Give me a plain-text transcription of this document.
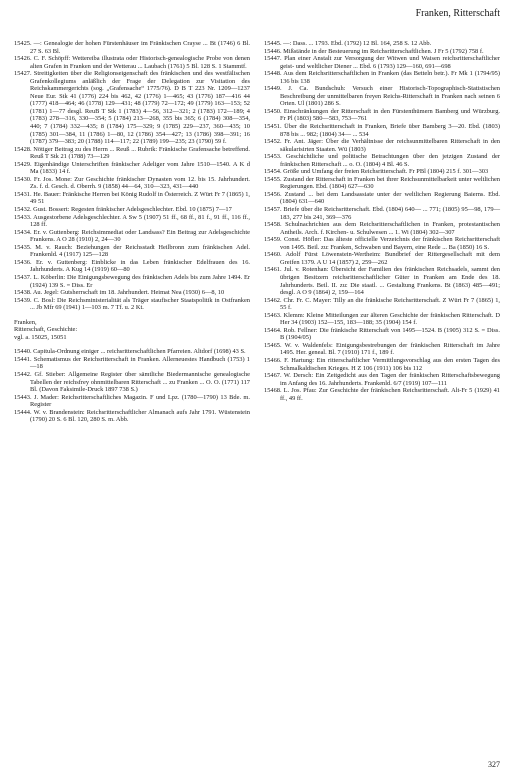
Franken, Ritterschaft

15425. —: Genealogie der hohen Fürstenhäuser im Fränkischen Crayse ... Bt (1746) 6 Bl. 27 S. 63 Bl.

15426. C. F. Schöpff: Wettereiba illustrata oder Historisch-genealogische Probe von denen alten Grafen in Franken und der Wetterau ... Laubach (1761) 5 Bl. 128 S. 1 Stammtf.

15427. Streitigkeiten über die Religionseigenschaft des fränkischen und des westfälischen Grafenkollegiums anläßlich der Frage der Delegation zur Visitation des Reichskammergerichts (sog. „Grafensache“ 1775/76). D B T 223 Nr. 1209—1237 Neue Eur. Stk 41 (1776) 224 bis 462, 42 (1776) 1—465; 43 (1776) 187—416 44 (1777) 418—464; 46 (1778) 129—431; 48 (1779) 72—172; 49 (1779) 163—153; 52 (1781) 1—77 desgl. ReuB T Stk 1 (1783) 4—56, 312—321; 2 (1783) 172—189; 4 (1783) 278—316, 330—354; 5 (1784) 213—268, 355 bis 365; 6 (1784) 308—354, 440; 7 (1784) 332—435; 8 (1784) 175—329; 9 (1785) 229—237, 360—435; 10 (1785) 301—384, 11 (1786) 1—80, 12 (1786) 354—427; 13 (1786) 398—391; 16 (1787) 379—383; 20 (1788) 114—117; 22 (1789) 199—235; 23 (1790) 59 f.

15428. Nötiger Beitrag zu des Herrn ... Reuß ... Rubrik: Fränkische Grafensache betreffend. Reuß T Stk 21 (1788) 73—129

15429. Eigenhändige Unterschriften fränkischer Adeliger vom Jahre 1510—1540. A K d Ma (1833) 14 f.

15430. Fr. Jos. Mone: Zur Geschichte fränkischer Dynasten vom 12. bis 15. Jahrhundert. Zs. f. d. Gesch. d. Oberrh. 9 (1858) 44—64, 310—323, 431—440

15431. He. Bauer: Fränkische Herren bei König Rudolf in Österreich. Z Würt Fr 7 (1865) 1, 49 51

15432. Gust. Bossert: Regesten fränkischer Adelsgeschlechter. Ebd. 10 (1875) 7—17

15433. Ausgestorbene Adelsgeschlechter. A Sw 5 (1907) 51 ff., 68 ff., 81 f., 91 ff., 116 ff., 128 ff.

15434. Er. v. Guttenberg: Reichsimmediat oder Landsass? Ein Beitrag zur Adelsgeschichte Frankens. A O 28 (1910) 2, 24—30

15435. M. v. Rauch: Beziehungen der Reichsstadt Heilbronn zum fränkischen Adel. Frankenld. 4 (1917) 125—128

15436. Er. v. Guttenberg: Einblicke in das Leben fränkischer Edelfrauen des 16. Jahrhunderts. A Kug 14 (1919) 60—80

15437. L. Köberlin: Die Einigungsbewegung des fränkischen Adels bis zum Jahre 1494. Er (1924) 139 S. = Diss. Er

15438. Au. Jegel: Gutsherrschaft im 18. Jahrhundert. Heimat Nea (1930) 6—8, 10

15439. C. Bosl: Die Reichsministerialität als Träger staufischer Staatspolitik in Ostfranken ... Jb Mfr 69 (1941) 1—103 m. 7 Tf. u. 2 Kt.

Franken,

Ritterschaft, Geschichte:

vgl. a. 15025, 15051

15440. Capitula-Ordnung einiger ... reichsritterschaftlichen Pfarreien. Altdorf (1698) 43 S.

15441. Schematismus der Reichsritterschaft in Franken. Allerneuestes Handbuch (1753) 1—18

15442. Gf. Stieber: Allgemeine Register über sämtliche Biedermannische genealogische Tabellen der reichsfrey ohnmittelbaren Ritterschaft ... zu Franken ... O. O. (1771) 117 Bl. (Davon Faksimile-Druck 1897 738 S.)

15443. J. Mader: Reichsritterschaftliches Magazin. F und Lpz. (1780—1790) 13 Bde. m. Register

15444. W. v. Brandenstein: Reichsritterschaftlicher Almanach aufs Jahr 1791. Wüstenstein (1790) 20 S. 6 Bl. 120, 280 S. m. Abb.

15445. —: Dass. ... 1793. Ebd. (1792) 12 Bl. 164, 258 S. 12 Abb.

15446. Mißstände in der Besteuerung im Reichsritterschaftlichen. J Fr 5 (1792) 758 f.

15447. Plan einer Anstalt zur Versorgung der Witwen und Waisen reichsritterschaftlicher geist- und weltlicher Diener ... Ebd. 6 (1793) 129—160, 691—698

15448. Aus dem Reichsritterschaftlichen in Franken (das Betteln betr.). Fr Mk 1 (1794/95) 136 bis 138

15449. J. Ca. Bundschuh: Versuch einer Historisch-Topographisch-Statistischen Beschreibung der unmittelbaren freyen Reichs-Ritterschaft in Franken nach seinen 6 Orten. Ul (1801) 286 S.

15450. Einschränkungen der Ritterschaft in den Fürstenthümern Bamberg und Würzburg. Fr Pl (1803) 580—583, 753—761

15451. Über die Reichsritterschaft in Franken, Briefe über Bamberg 3—20. Ebd. (1803) 878 bis ... 982; (1804) 34— ... 534

15452. Fr. Ant. Jäger: Über die Verhältnisse der reichsunmittelbaren Ritterschaft in den säkularisirten Staaten. Wü (1803)

15453. Geschichtliche und politische Betrachtungen über den jetzigen Zustand der fränkischen Ritterschaft ... o. O. (1804) 4 Bl. 46 S.

15454. Größe und Umfang der freien Reichsritterschaft. Fr PBl (1804) 215 f. 301—303

15455. Zustand der Ritterschaft in Franken bei ihrer Reichsunmittelbarkeit unter weltlichen Regierungen. Ebd. (1804) 627—630

15456. Zustand ... bei dem Landsassiate unter der weltlichen Regierung Baierns. Ebd. (1804) 631—640

15457. Briefe über die Reichsritterschaft. Ebd. (1804) 640— ... 771; (1805) 95—98, 179—183, 277 bis 241, 369—376

15458. Schulnachrichten aus dem Reichsritterschaftlichen in Franken, protestantischen Antheils. Arch. f. Kirchen- u. Schulwesen ... 1. Wi (1804) 302—307

15459. Const. Höfler: Das älteste officielle Verzeichnis der fränkischen Reichsritterschaft von 1495. Beil. zu: Franken, Schwaben und Bayern, eine Rede ... Ba (1850) 16 S.

15460. Adolf Fürst Löwenstein-Wertheim: Bundbrief der Rittergesellschaft mit dem Greifen 1379. A U 14 (1857) 2, 259—262

15461. Jul. v. Rotenhan: Übersicht der Familien des fränkischen Reichsadels, sammt den übrigen Besitzern reichsritterschaftlicher Güter in Franken am Ende des 18. Jahrhunderts. Beil. II. zu: Die staatl. ... Gestaltung Frankens. Bt (1863) 485—491; desgl. A O 9 (1864) 2, 159—164

15462. Chr. Fr. C. Mayer: Tilly an die fränkische Reichsritterschaft. Z Würt Fr 7 (1865) 1, 55 f.

15463. Klemm: Kleine Mitteilungen zur älteren Geschichte der fränkischen Ritterschaft. D Her 34 (1903) 152—155, 183—188; 35 (1904) 154 f.

15464. Rob. Fellner: Die fränkische Ritterschaft von 1495—1524. B (1905) 312 S. = Diss. B (1904/05)

15465. W. v. Waldenfels: Einigungsbestrebungen der fränkischen Ritterschaft im Jahre 1495. Her. geneal. Bl. 7 (1910) 171 f., 189 f.

15466. F. Hartung: Ein ritterschaftlicher Vermittlungsvorschlag aus den ersten Tagen des Schmalkaldischen Krieges. H Z 106 (1911) 106 bis 112

15467. W. Dersch: Ein Zeitgedicht aus den Tagen der fränkischen Ritterschaftsbewegung im Anfang des 16. Jahrhunderts. Frankenld. 6/7 (1919) 107—111

15468. L. Jos. Pfau: Zur Geschichte der fränkischen Reichsritterschaft. Alt-Fr 5 (1929) 41 ff., 49 ff.

327
